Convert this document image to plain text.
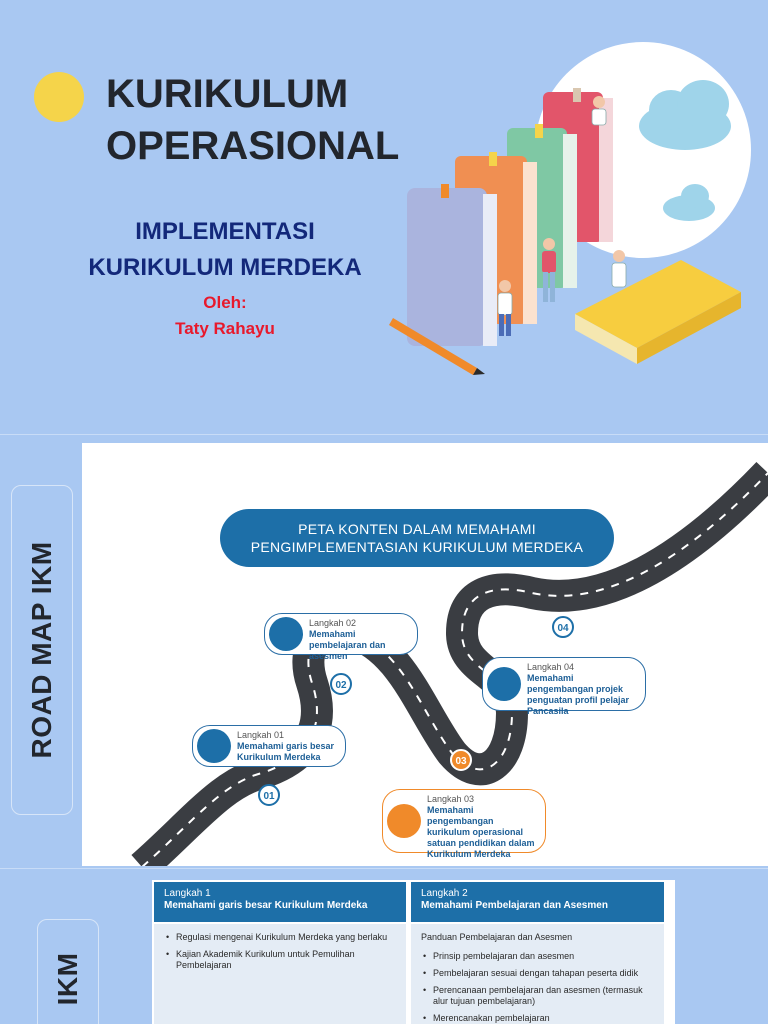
KURIKULUM
OPERASIONAL
IMPLEMENTASI
KURIKULUM MERDEKA
Oleh:
Taty Rahayu
ROAD MAP IKM
PETA KONTEN DALAM MEMAHAMI
PENGIMPLEMENTASIAN KURIKULUM MERDEKA
01
02
03
04
Langkah 01
Memahami garis besar Kurikulum Merdeka
Langkah 02
Memahami pembelajaran dan asesmen
Langkah 03
Memahami pengembangan kurikulum operasional satuan pendidikan dalam Kurikulum Merdeka
Langkah 04
Memahami pengembangan projek penguatan profil pelajar Pancasila
IKM
Langkah 1
Memahami garis besar Kurikulum Merdeka
• Regulasi mengenai Kurikulum Merdeka yang berlaku
• Kajian Akademik Kurikulum untuk Pemulihan Pembelajaran
Langkah 2
Memahami Pembelajaran dan Asesmen
Panduan Pembelajaran dan Asesmen
• Prinsip pembelajaran dan asesmen
• Pembelajaran sesuai dengan tahapan peserta didik
• Perencanaan pembelajaran dan asesmen (termasuk alur tujuan pembelajaran)
• Merencanakan pembelajaran
